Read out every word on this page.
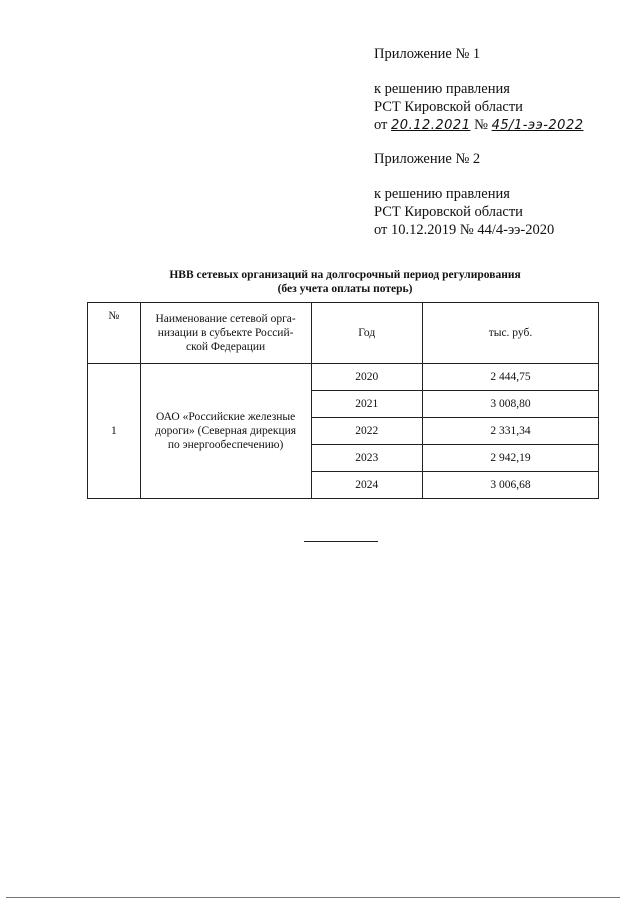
Приложение № 1
к решению правления
РСТ Кировской области
от 20.12.2021 № 45/1-ээ-2022
Приложение № 2
к решению правления
РСТ Кировской области
от 10.12.2019 № 44/4-ээ-2020
НВВ сетевых организаций на долгосрочный период регулирования
(без учета оплаты потерь)
№	Наименование сетевой орга-
низации в субъекте Россий-
ской Федерации	Год	тыс. руб.
1	ОАО «Российские железные
дороги» (Северная дирекция
по энергообеспечению)	2020	2 444,75
		2021	3 008,80
		2022	2 331,34
		2023	2 942,19
		2024	3 006,68
